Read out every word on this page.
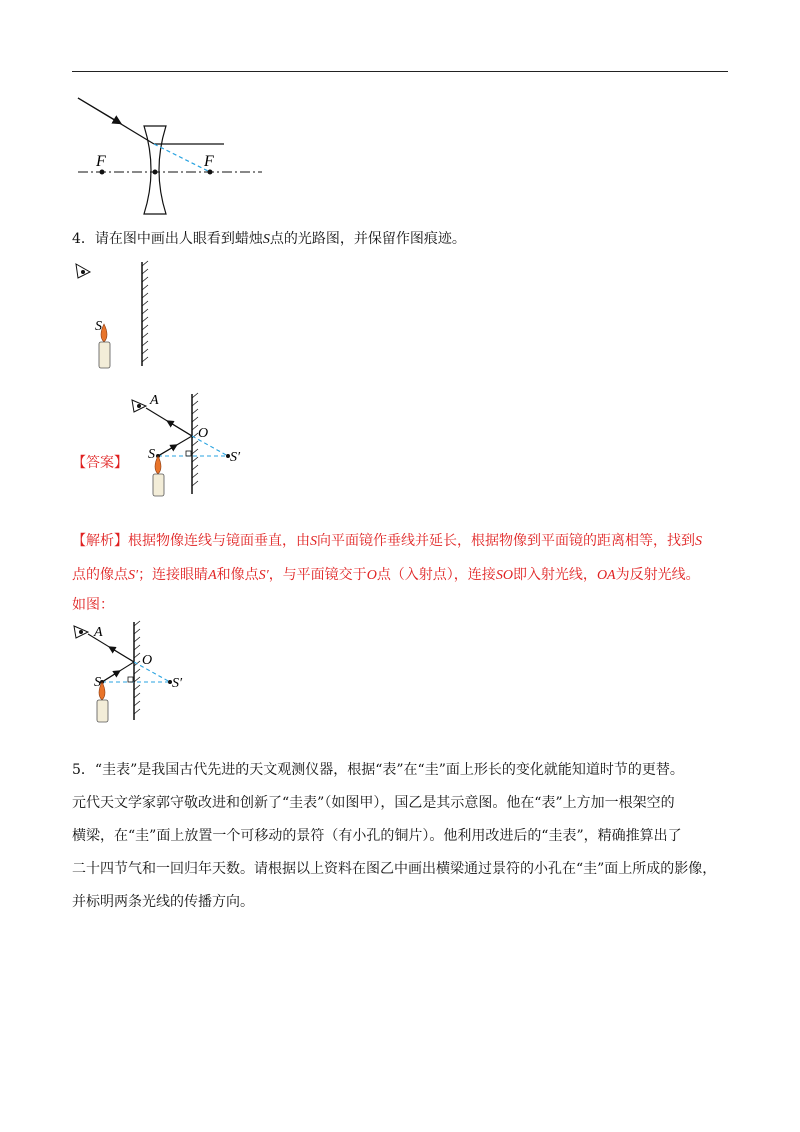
F	F
4．请在图中画出人眼看到蜡烛S点的光路图，并保留作图痕迹。
S
【答案】
A
O
S	S′
【解析】根据物像连线与镜面垂直，由S向平面镜作垂线并延长，根据物像到平面镜的距离相等，找到S
点的像点S′；连接眼睛A和像点S′，与平面镜交于O点（入射点），连接SO即入射光线，OA为反射光线。
如图：
A
O
S	S′
5．“圭表”是我国古代先进的天文观测仪器，根据“表”在“圭”面上形长的变化就能知道时节的更替。
元代天文学家郭守敬改进和创新了“圭表”（如图甲），国乙是其示意图。他在“表”上方加一根架空的
横梁，在“圭”面上放置一个可移动的景符（有小孔的铜片）。他利用改进后的“圭表”，精确推算出了
二十四节气和一回归年天数。请根据以上资料在图乙中画出横梁通过景符的小孔在“圭”面上所成的影像，
并标明两条光线的传播方向。
